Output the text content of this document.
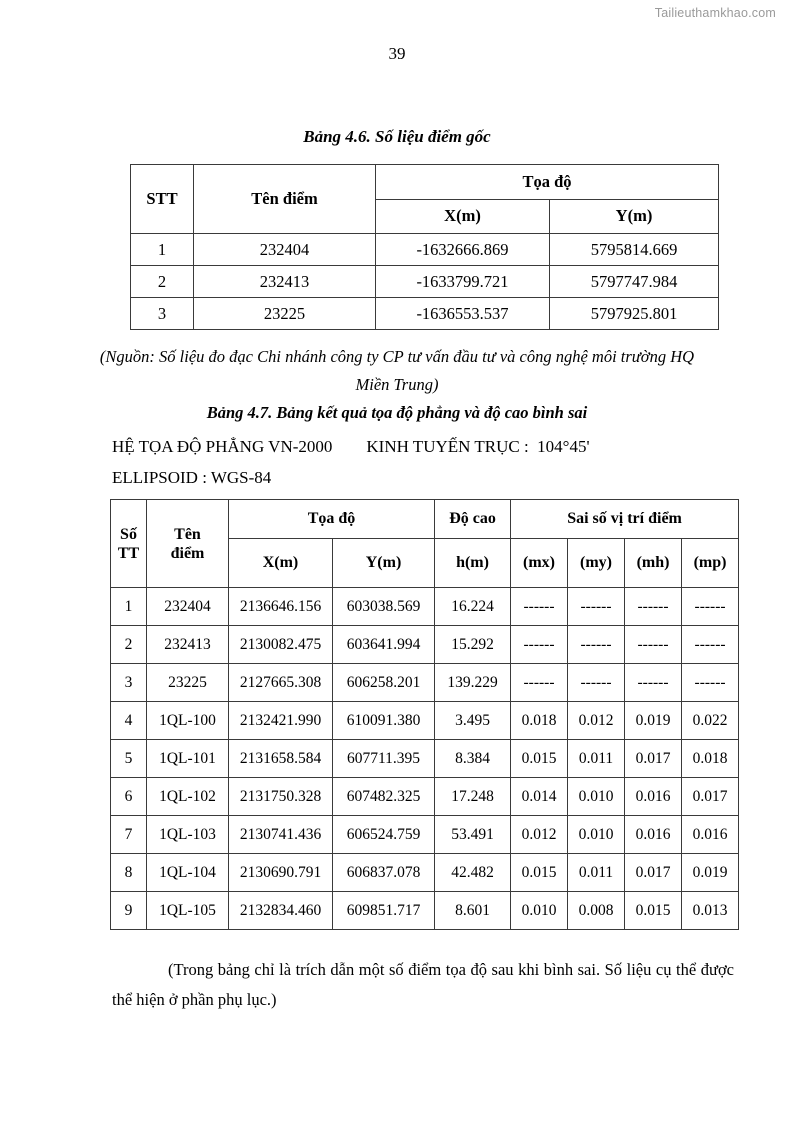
Tailieuthamkhao.com
39
Bảng 4.6. Số liệu điểm gốc
STT	Tên điểm	Tọa độ	
		X(m)	Y(m)
1	232404	-1632666.869	5795814.669
2	232413	-1633799.721	5797747.984
3	23225	-1636553.537	5797925.801
(Nguồn: Số liệu đo đạc Chi nhánh công ty CP tư vấn đầu tư và công nghệ môi trường HQ Miền Trung)
Bảng 4.7. Bảng kết quả tọa độ phẳng và độ cao bình sai
HỆ TỌA ĐỘ PHẲNG VN-2000        KINH TUYẾN TRỤC :  104°45'
ELLIPSOID : WGS-84
Số
TT	Tên
điểm	Tọa độ		Độ cao	Sai số vị trí điểm			
		X(m)	Y(m)	h(m)	(mx)	(my)	(mh)	(mp)
1	232404	2136646.156	603038.569	16.224	------	------	------	------
2	232413	2130082.475	603641.994	15.292	------	------	------	------
3	23225	2127665.308	606258.201	139.229	------	------	------	------
4	1QL-100	2132421.990	610091.380	3.495	0.018	0.012	0.019	0.022
5	1QL-101	2131658.584	607711.395	8.384	0.015	0.011	0.017	0.018
6	1QL-102	2131750.328	607482.325	17.248	0.014	0.010	0.016	0.017
7	1QL-103	2130741.436	606524.759	53.491	0.012	0.010	0.016	0.016
8	1QL-104	2130690.791	606837.078	42.482	0.015	0.011	0.017	0.019
9	1QL-105	2132834.460	609851.717	8.601	0.010	0.008	0.015	0.013
(Trong bảng chỉ là trích dẫn một số điểm tọa độ sau khi bình sai. Số liệu cụ thể được thể hiện ở phần phụ lục.)
